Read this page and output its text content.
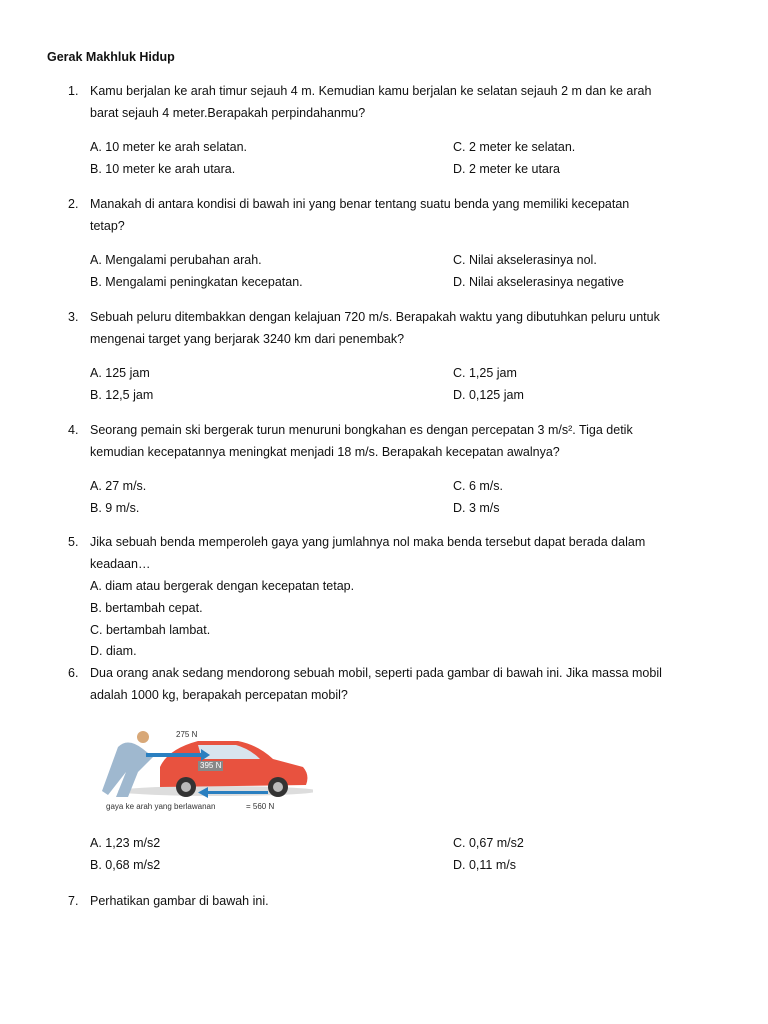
Gerak Makhluk Hidup
1. Kamu berjalan ke arah timur sejauh 4 m. Kemudian kamu berjalan ke selatan sejauh 2 m dan ke arah
barat sejauh 4 meter.Berapakah perpindahanmu?
A. 10 meter ke arah selatan.
B. 10 meter ke arah utara.
C. 2 meter ke selatan.
D. 2 meter ke utara
2. Manakah di antara kondisi di bawah ini yang benar tentang suatu benda yang memiliki kecepatan
tetap?
A. Mengalami perubahan arah.
B. Mengalami peningkatan kecepatan.
C. Nilai akselerasinya nol.
D. Nilai akselerasinya negative
3. Sebuah peluru ditembakkan dengan kelajuan 720 m/s. Berapakah waktu yang dibutuhkan peluru untuk
mengenai target yang berjarak 3240 km dari penembak?
A. 125 jam
B. 12,5 jam
C. 1,25 jam
D. 0,125 jam
4. Seorang pemain ski bergerak turun menuruni bongkahan es dengan percepatan 3 m/s². Tiga detik
kemudian kecepatannya meningkat menjadi 18 m/s. Berapakah kecepatan awalnya?
A. 27 m/s.
B. 9 m/s.
C. 6 m/s.
D. 3 m/s
5. Jika sebuah benda memperoleh gaya yang jumlahnya nol maka benda tersebut dapat berada dalam
keadaan…
A. diam atau bergerak dengan kecepatan tetap.
B. bertambah cepat.
C. bertambah lambat.
D. diam.
6. Dua orang anak sedang mendorong sebuah mobil, seperti pada gambar di bawah ini. Jika massa mobil
adalah 1000 kg, berapakah percepatan mobil?
275 N
395 N
gaya ke arah yang berlawanan	= 560 N
A. 1,23 m/s2
B. 0,68 m/s2
C. 0,67 m/s2
D. 0,11 m/s
7. Perhatikan gambar di bawah ini.
